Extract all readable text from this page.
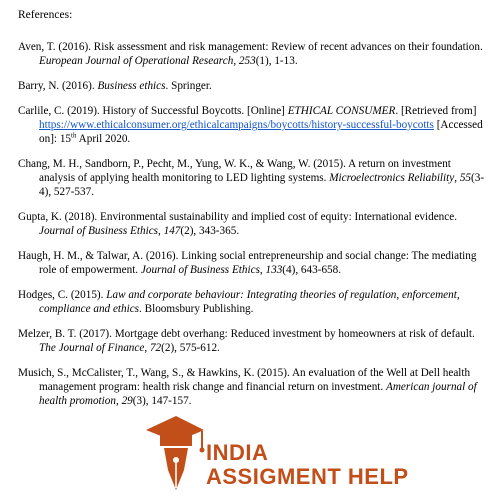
References:

Aven, T. (2016). Risk assessment and risk management: Review of recent advances on their foundation. European Journal of Operational Research, 253(1), 1-13.

Barry, N. (2016). Business ethics. Springer.

Carlile, C. (2019). History of Successful Boycotts. [Online] ETHICAL CONSUMER. [Retrieved from] https://www.ethicalconsumer.org/ethicalcampaigns/boycotts/history-successful-boycotts [Accessed on]: 15th April 2020.

Chang, M. H., Sandborn, P., Pecht, M., Yung, W. K., & Wang, W. (2015). A return on investment analysis of applying health monitoring to LED lighting systems. Microelectronics Reliability, 55(3-4), 527-537.

Gupta, K. (2018). Environmental sustainability and implied cost of equity: International evidence. Journal of Business Ethics, 147(2), 343-365.

Haugh, H. M., & Talwar, A. (2016). Linking social entrepreneurship and social change: The mediating role of empowerment. Journal of Business Ethics, 133(4), 643-658.

Hodges, C. (2015). Law and corporate behaviour: Integrating theories of regulation, enforcement, compliance and ethics. Bloomsbury Publishing.

Melzer, B. T. (2017). Mortgage debt overhang: Reduced investment by homeowners at risk of default. The Journal of Finance, 72(2), 575-612.

Musich, S., McCalister, T., Wang, S., & Hawkins, K. (2015). An evaluation of the Well at Dell health management program: health risk change and financial return on investment. American journal of health promotion, 29(3), 147-157.

INDIA
ASSIGMENT HELP
